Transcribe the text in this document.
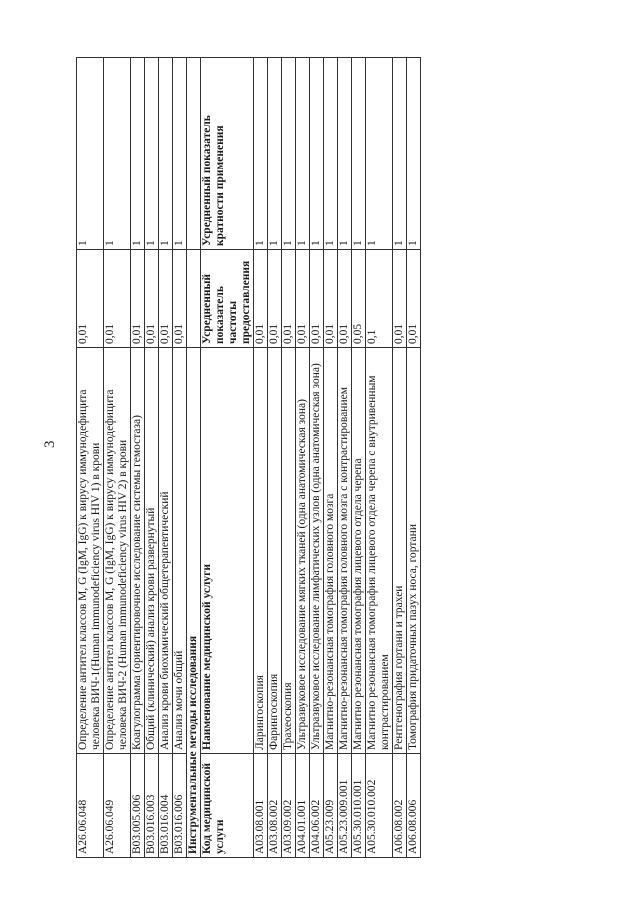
3
A26.06.048	Определение антител классов M, G (IgM, IgG) к вирусу иммунодефицита человека ВИЧ-1(Human immunodeficiency virus HIV 1) в крови	0,01	1
A26.06.049	Определение антител классов M, G (IgM, IgG) к вирусу иммунодефицита человека ВИЧ-2 (Human immunodeficiency virus HIV 2) в крови	0,01	1
B03.005.006	Коагулограмма (ориентировочное исследование системы гемостаза)	0,01	1
B03.016.003	Общий (клинический) анализ крови развернутый	0,01	1
B03.016.004	Анализ крови биохимический общетерапевтический	0,01	1
B03.016.006	Анализ мочи общий	0,01	1
Инструментальные методы исследования			
Код медицинской услуги	Наименование медицинской услуги	Усредненный показатель частоты предоставления	Усредненный показатель кратности применения
A03.08.001	Ларингоскопия	0,01	1
A03.08.002	Фарингоскопия	0,01	1
A03.09.002	Трахеоскопия	0,01	1
A04.01.001	Ультразвуковое исследование мягких тканей (одна анатомическая зона)	0,01	1
A04.06.002	Ультразвуковое исследование лимфатических узлов (одна анатомическая зона)	0,01	1
A05.23.009	Магнитно-резонансная томография головного мозга	0,01	1
A05.23.009.001	Магнитно-резонансная томография головного мозга с контрастированием	0,01	1
A05.30.010.001	Магнитно резонансная томография лицевого отдела черепа	0,05	1
A05.30.010.002	Магнитно резонансная томография лицевого отдела черепа с внутривенным контрастированием	0,1	1
A06.08.002	Рентгенография гортани и трахеи	0,01	1
A06.08.006	Томография придаточных пазух носа, гортани	0,01	1
